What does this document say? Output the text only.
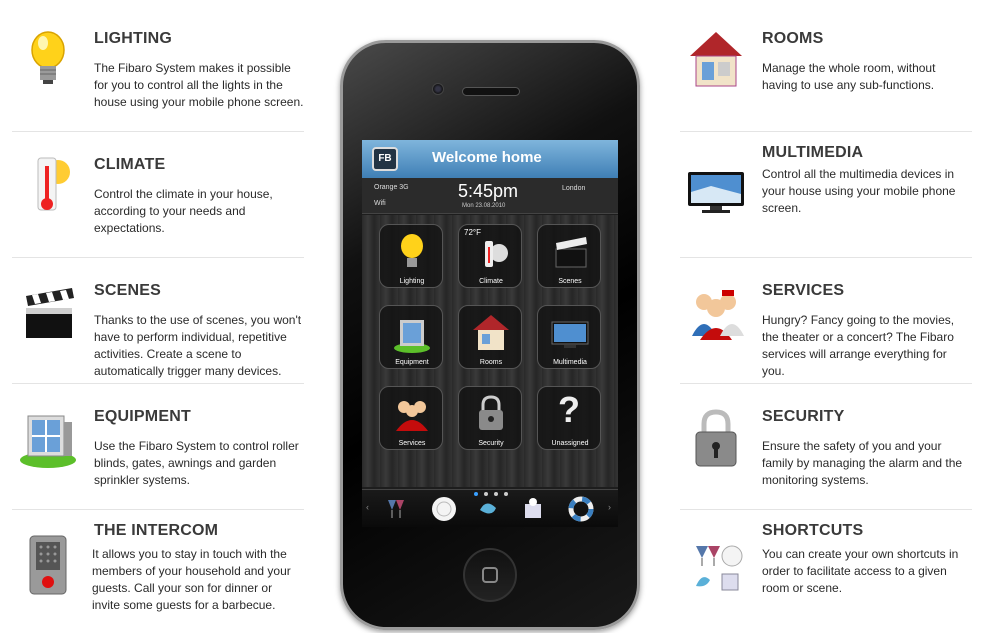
LIGHTING
The Fibaro System makes it possible for you to control all the lights in the house using your mobile phone screen.
CLIMATE
Control the climate in your house, according to your needs and expectations.
SCENES
Thanks to the use of scenes, you won't have to perform individual, repetitive activities. Create a scene to automatically trigger many devices.
EQUIPMENT
Use the Fibaro System to control roller blinds, gates, awnings and garden sprinkler systems.
THE INTERCOM
It allows you to stay in touch with the members of your household and your guests. Call your son for dinner or invite some guests for a barbecue.
ROOMS
Manage the whole room, without having to use any sub-functions.
MULTIMEDIA
Control all the multimedia devices in your house using your mobile phone screen.
SERVICES
Hungry? Fancy going to the movies, the theater or a concert? The Fibaro services will arrange everything for you.
SECURITY
Ensure the safety of you and your family by managing the alarm and the monitoring systems.
SHORTCUTS
You can create your own shortcuts in order to facilitate access to a given room or scene.
FB	Welcome home
Orange 3G
Wifi
5:45pm
Mon 23.08.2010
London
Lighting
72°F
Climate	Scenes
Equipment	Rooms	Multimedia
Services	Security
?
Unassigned
‹	›
